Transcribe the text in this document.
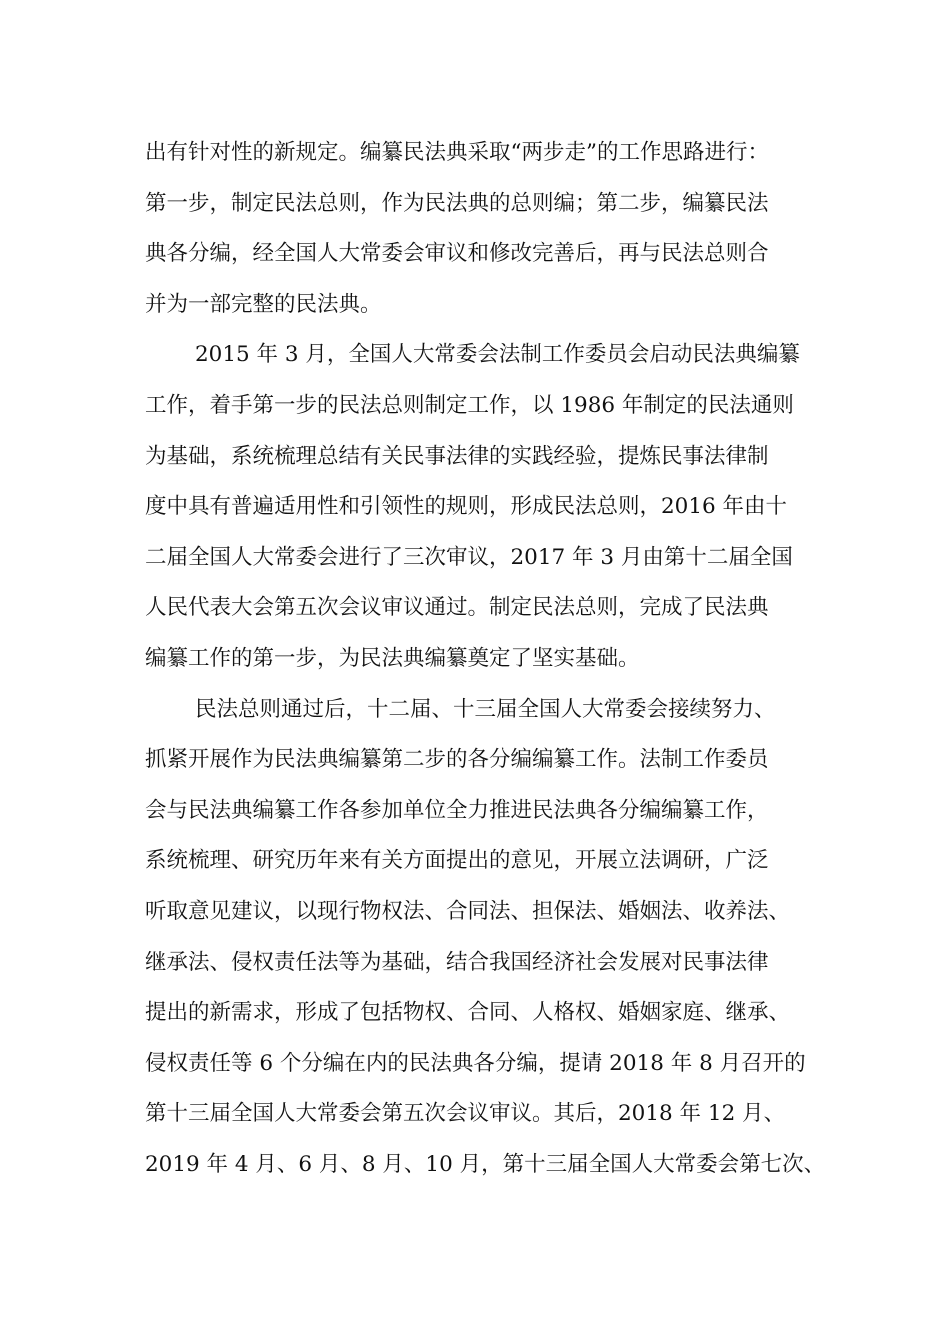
出有针对性的新规定。编纂民法典采取“两步走”的工作思路进行：
第一步，制定民法总则，作为民法典的总则编；第二步，编纂民法
典各分编，经全国人大常委会审议和修改完善后，再与民法总则合
并为一部完整的民法典。
2015 年 3 月，全国人大常委会法制工作委员会启动民法典编纂
工作，着手第一步的民法总则制定工作，以 1986 年制定的民法通则
为基础，系统梳理总结有关民事法律的实践经验，提炼民事法律制
度中具有普遍适用性和引领性的规则，形成民法总则，2016 年由十
二届全国人大常委会进行了三次审议，2017 年 3 月由第十二届全国
人民代表大会第五次会议审议通过。制定民法总则，完成了民法典
编纂工作的第一步，为民法典编纂奠定了坚实基础。
民法总则通过后，十二届、十三届全国人大常委会接续努力、
抓紧开展作为民法典编纂第二步的各分编编纂工作。法制工作委员
会与民法典编纂工作各参加单位全力推进民法典各分编编纂工作，
系统梳理、研究历年来有关方面提出的意见，开展立法调研，广泛
听取意见建议，以现行物权法、合同法、担保法、婚姻法、收养法、
继承法、侵权责任法等为基础，结合我国经济社会发展对民事法律
提出的新需求，形成了包括物权、合同、人格权、婚姻家庭、继承、
侵权责任等 6 个分编在内的民法典各分编，提请 2018 年 8 月召开的
第十三届全国人大常委会第五次会议审议。其后，2018 年 12 月、
2019 年 4 月、6 月、8 月、10 月，第十三届全国人大常委会第七次、
